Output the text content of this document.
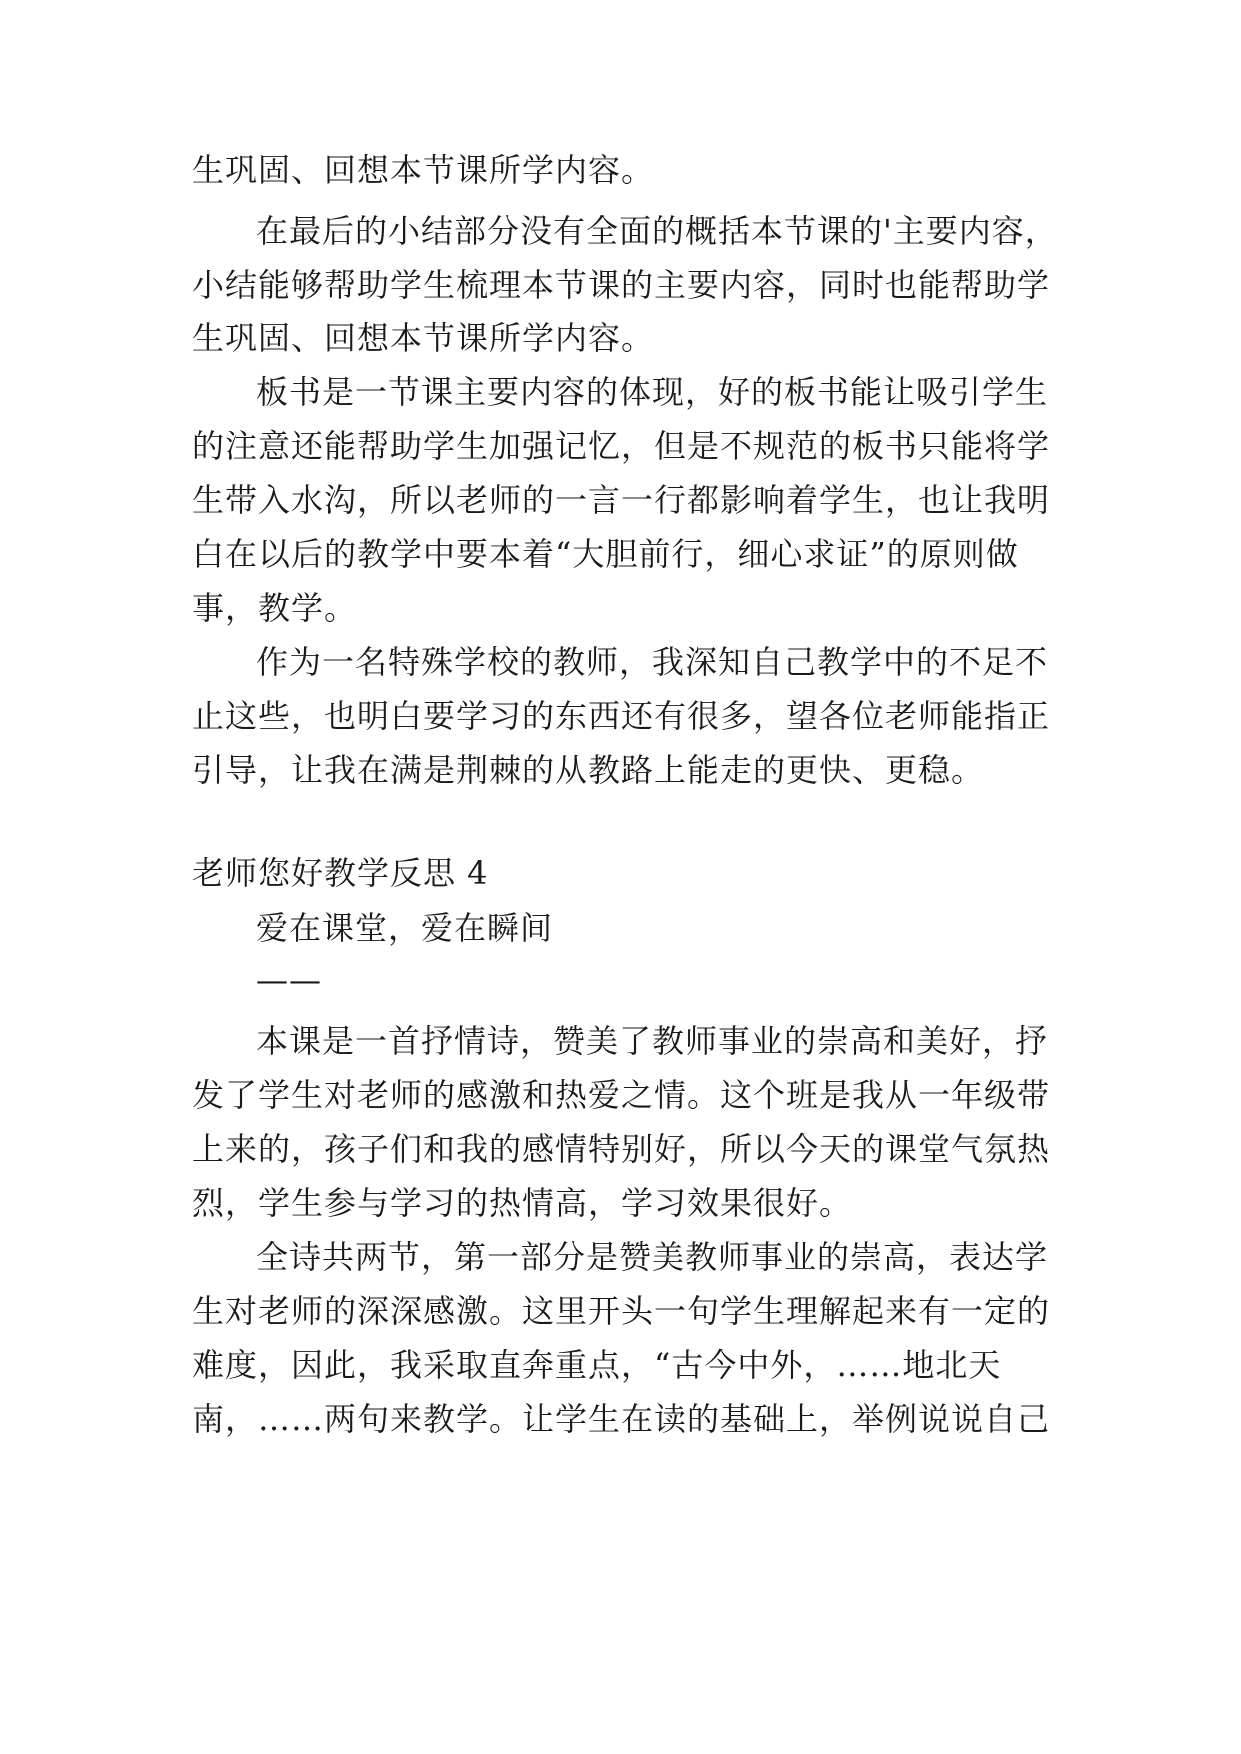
生巩固、回想本节课所学内容。
在最后的小结部分没有全面的概括本节课的'主要内容，
小结能够帮助学生梳理本节课的主要内容，同时也能帮助学
生巩固、回想本节课所学内容。
板书是一节课主要内容的体现，好的板书能让吸引学生
的注意还能帮助学生加强记忆，但是不规范的板书只能将学
生带入水沟，所以老师的一言一行都影响着学生，也让我明
白在以后的教学中要本着“大胆前行，细心求证”的原则做
事，教学。
作为一名特殊学校的教师，我深知自己教学中的不足不
止这些，也明白要学习的东西还有很多，望各位老师能指正
引导，让我在满是荆棘的从教路上能走的更快、更稳。
老师您好教学反思 4
爱在课堂，爱在瞬间
——
本课是一首抒情诗，赞美了教师事业的崇高和美好，抒
发了学生对老师的感激和热爱之情。这个班是我从一年级带
上来的，孩子们和我的感情特别好，所以今天的课堂气氛热
烈，学生参与学习的热情高，学习效果很好。
全诗共两节，第一部分是赞美教师事业的崇高，表达学
生对老师的深深感激。这里开头一句学生理解起来有一定的
难度，因此，我采取直奔重点，“古今中外，……地北天
南，……两句来教学。让学生在读的基础上，举例说说自己
